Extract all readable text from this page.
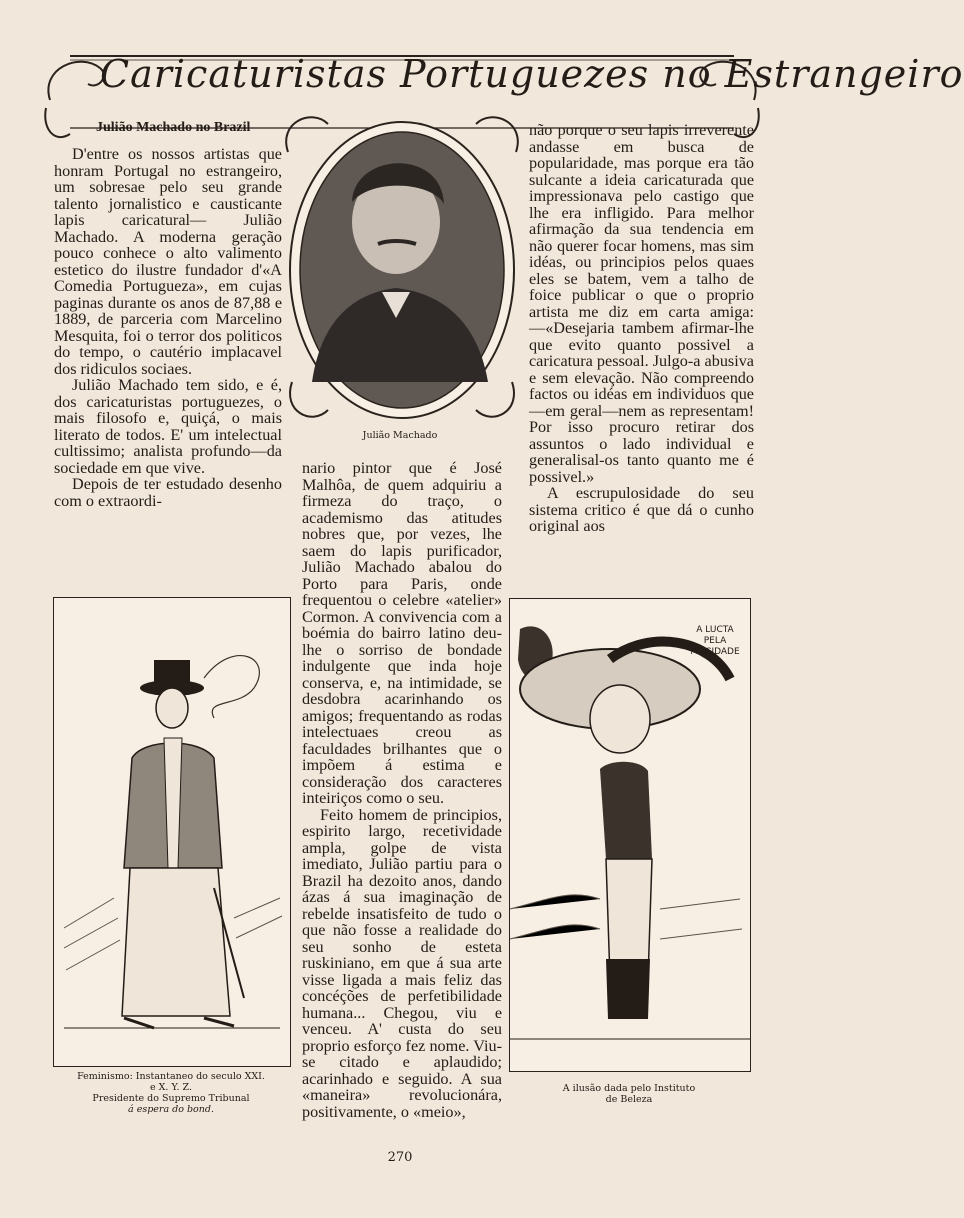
Caricaturistas Portuguezes no Estrangeiro
Julião Machado no Brazil

D'entre os nossos artistas que honram Portugal no estrangeiro, um sobresae pelo seu grande talento jornalistico e causticante lapis caricatural— Julião Machado. A moderna geração pouco conhece o alto valimento estetico do ilustre fundador d'«A Comedia Portugueza», em cujas paginas durante os anos de 87,88 e 1889, de parceria com Marcelino Mesquita, foi o terror dos politicos do tempo, o cautério implacavel dos ridiculos sociaes.

Julião Machado tem sido, e é, dos caricaturistas portuguezes, o mais filosofo e, quiçá, o mais literato de todos. E' um intelectual cultissimo; analista profundo—da sociedade em que vive.

Depois de ter estudado desenho com o extraordi-

Julião Machado

não porque o seu lapis irreverente andasse em busca de popularidade, mas porque era tão sulcante a ideia caricaturada que impressionava pelo castigo que lhe era infligido. Para melhor afirmação da sua tendencia em não querer focar homens, mas sim idéas, ou principios pelos quaes eles se batem, vem a talho de foice publicar o que o proprio artista me diz em carta amiga:—«Desejaria tambem afirmar-lhe que evito quanto possivel a caricatura pessoal. Julgo-a abusiva e sem elevação. Não compreendo factos ou idéas em individuos que—em geral—nem as representam! Por isso procuro retirar dos assuntos o lado individual e generalisal-os tanto quanto me é possivel.»

A escrupulosidade do seu sistema critico é que dá o cunho original aos

nario pintor que é José Malhôa, de quem adquiriu a firmeza do traço, o academismo das atitudes nobres que, por vezes, lhe saem do lapis purificador, Julião Machado abalou do Porto para Paris, onde frequentou o celebre «atelier» Cormon. A convivencia com a boémia do bairro latino deu-lhe o sorriso de bondade indulgente que inda hoje conserva, e, na intimidade, se desdobra acarinhando os amigos; frequentando as rodas intelectuaes creou as faculdades brilhantes que o impõem á estima e consideração dos caracteres inteiriços como o seu.

Feito homem de principios, espirito largo, recetividade ampla, golpe de vista imediato, Julião partiu para o Brazil ha dezoito anos, dando ázas á sua imaginação de rebelde insatisfeito de tudo o que não fosse a realidade do seu sonho de esteta ruskiniano, em que á sua arte visse ligada a mais feliz das concéções de perfetibilidade humana... Chegou, viu e venceu. A' custa do seu proprio esforço fez nome. Viu-se citado e aplaudido; acarinhado e seguido. A sua «maneira» revolucionára, positivamente, o «meio»,

Feminismo: Instantaneo do seculo XXI.
e X. Y. Z.
Presidente do Supremo Tribunal
á espera do bond.
A LUCTA
PELA
MOCIDADE
A ilusão dada pelo Instituto
de Beleza
270
